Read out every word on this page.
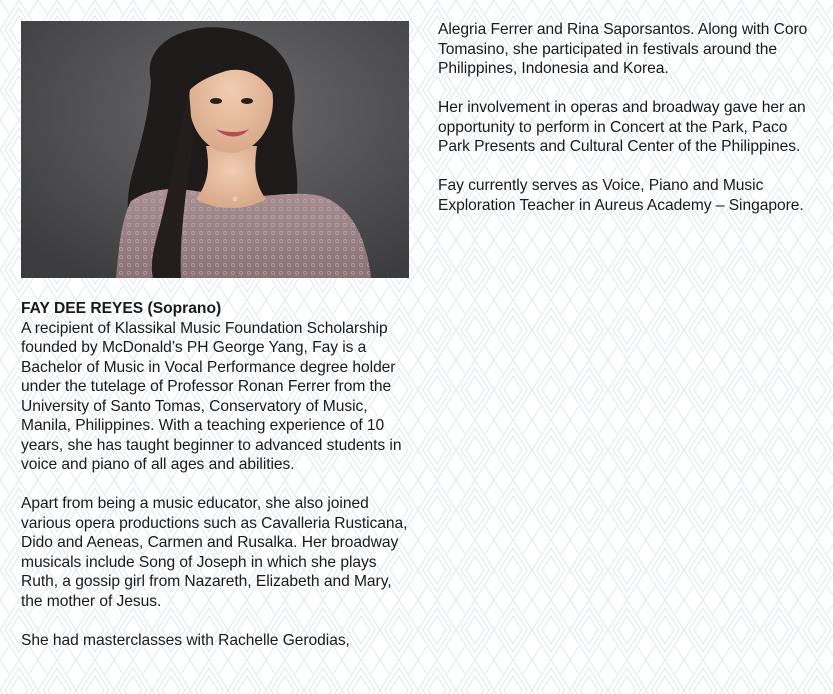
FAY DEE REYES (Soprano)

A recipient of Klassikal Music Foundation Scholarship founded by McDonald’s PH George Yang, Fay is a Bachelor of Music in Vocal Performance degree holder under the tutelage of Professor Ronan Ferrer from the University of Santo Tomas, Conservatory of Music, Manila, Philippines. With a teaching experience of 10 years, she has taught beginner to advanced students in voice and piano of all ages and abilities.

Apart from being a music educator, she also joined various opera productions such as Cavalleria Rusticana, Dido and Aeneas, Carmen and Rusalka. Her broadway musicals include Song of Joseph in which she plays Ruth, a gossip girl from Nazareth, Elizabeth and Mary, the mother of Jesus.

She had masterclasses with Rachelle Gerodias,

Alegria Ferrer and Rina Saporsantos. Along with Coro Tomasino, she participated in festivals around the Philippines, Indonesia and Korea.

Her involvement in operas and broadway gave her an opportunity to perform in Concert at the Park, Paco Park Presents and Cultural Center of the Philippines.

Fay currently serves as Voice, Piano and Music Exploration Teacher in Aureus Academy – Singapore.
